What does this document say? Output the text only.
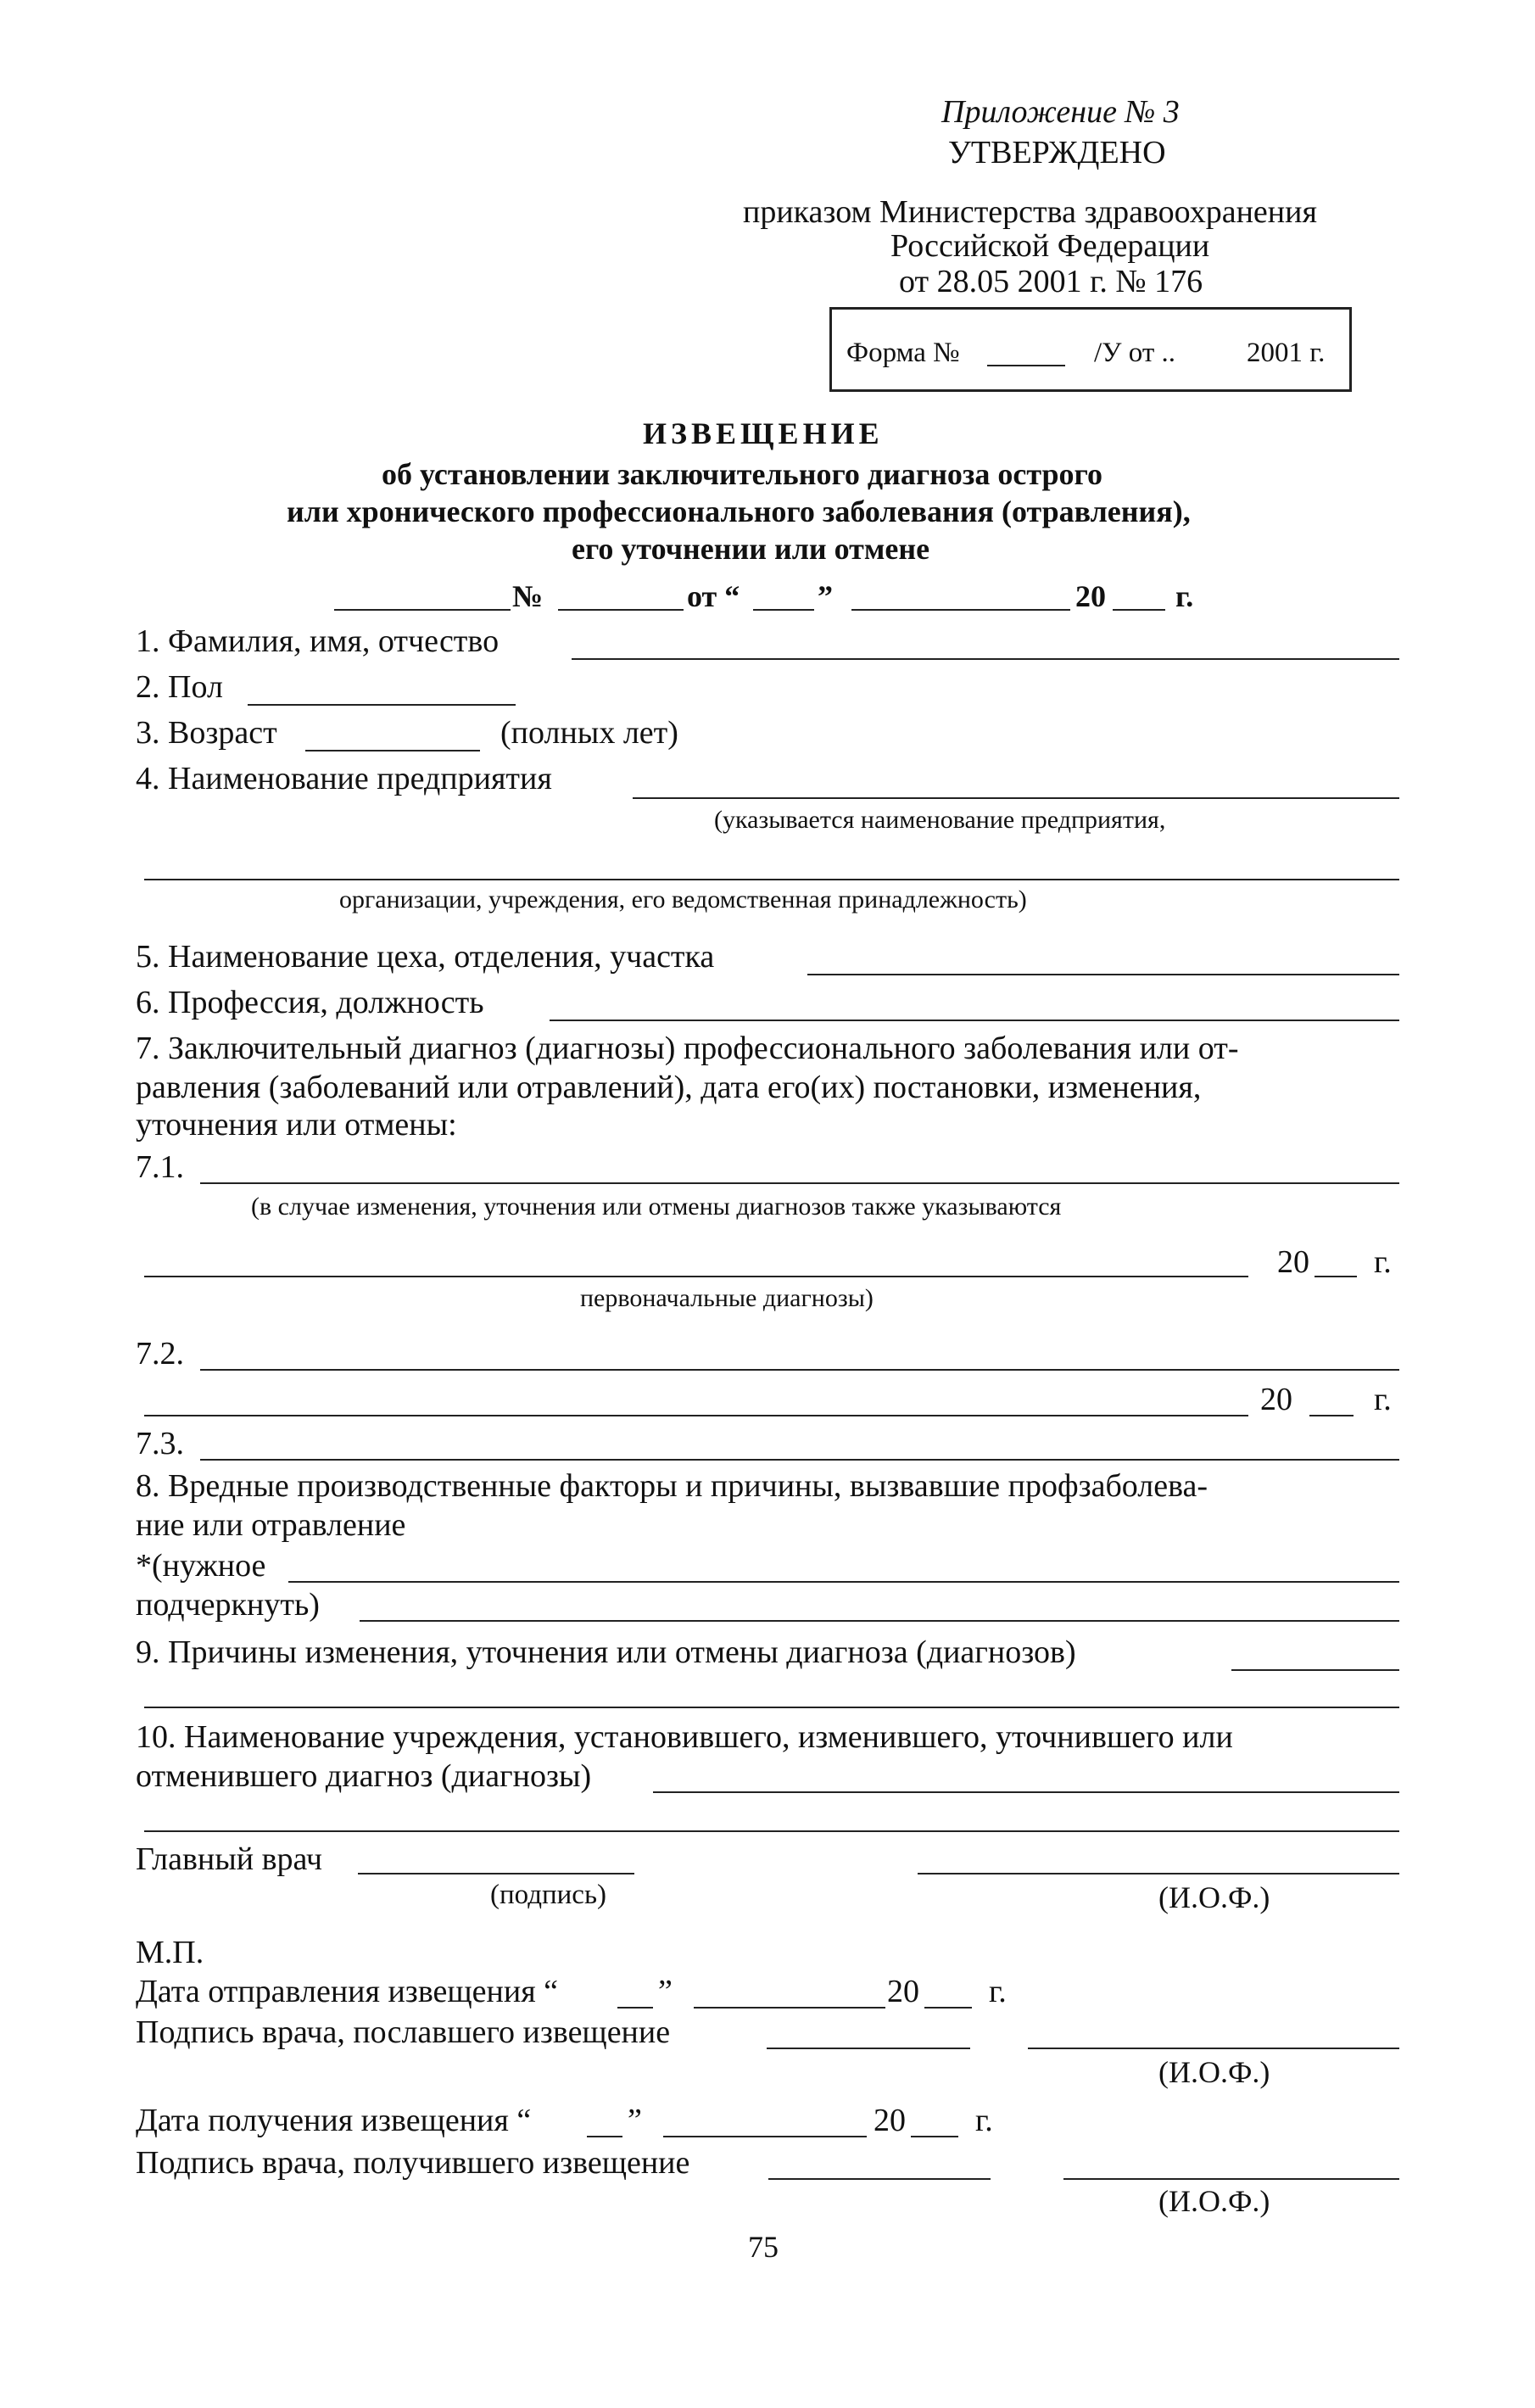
Приложение № 3
УТВЕРЖДЕНО
приказом Министерства здравоохранения
Российской Федерации
от 28.05 2001 г. № 176
Форма №	/У от ..	2001 г.
ИЗВЕЩЕНИЕ
об установлении заключительного диагноза острого
или хронического профессионального заболевания (отравления),
его уточнении или отмене
№	от “	”	20 г.
1. Фамилия, имя, отчество
2. Пол
3. Возраст	(полных лет)
4. Наименование предприятия
(указывается наименование предприятия,
организации, учреждения, его ведомственная принадлежность)
5. Наименование цеха, отделения, участка
6. Профессия, должность
7. Заключительный диагноз (диагнозы) профессионального заболевания или от-
равления (заболеваний или отравлений), дата его(их) постановки, изменения,
уточнения или отмены:
7.1.
(в случае изменения, уточнения или отмены диагнозов также указываются
20 г.
первоначальные диагнозы)
7.2.
20	г.
7.3.
8. Вредные производственные факторы и причины, вызвавшие профзаболева-
ние или отравление
*(нужное
подчеркнуть)
9. Причины изменения, уточнения или отмены диагноза (диагнозов)
10. Наименование учреждения, установившего, изменившего, уточнившего или
отменившего диагноз (диагнозы)
Главный врач
(подпись)	(И.О.Ф.)
М.П.
Дата отправления извещения “	”	20 г.
Подпись врача, пославшего извещение
(И.О.Ф.)
Дата получения извещения “	”	20 г.
Подпись врача, получившего извещение
(И.О.Ф.)
75
